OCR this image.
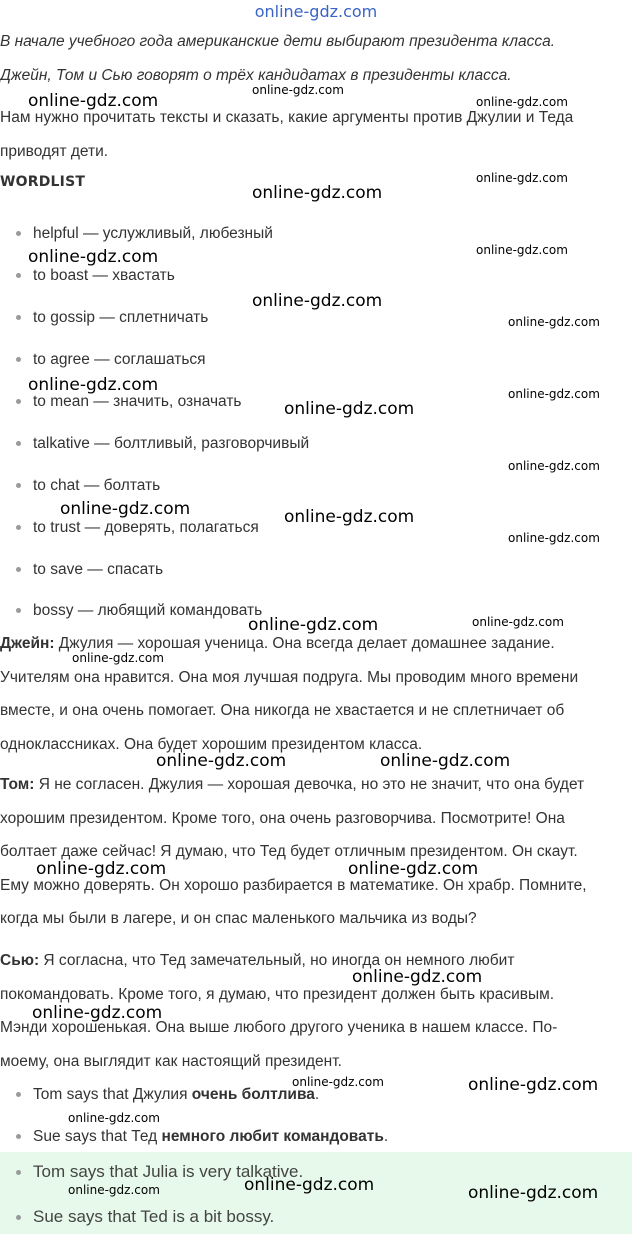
online-gdz.com
В начале учебного года американские дети выбирают президента класса.
Джейн, Том и Сью говорят о трёх кандидатах в президенты класса.
Нам нужно прочитать тексты и сказать, какие аргументы против Джулии и Теда
приводят дети.
WORDLIST
helpful — услужливый, любезный
to boast — хвастать
to gossip — сплетничать
to agree — соглашаться
to mean — значить, означать
talkative — болтливый, разговорчивый
to chat — болтать
to trust — доверять, полагаться
to save — спасать
bossy — любящий командовать
Джейн: Джулия — хорошая ученица. Она всегда делает домашнее задание.
Учителям она нравится. Она моя лучшая подруга. Мы проводим много времени
вместе, и она очень помогает. Она никогда не хвастается и не сплетничает об
одноклассниках. Она будет хорошим президентом класса.
Том: Я не согласен. Джулия — хорошая девочка, но это не значит, что она будет
хорошим президентом. Кроме того, она очень разговорчива. Посмотрите! Она
болтает даже сейчас! Я думаю, что Тед будет отличным президентом. Он скаут.
Ему можно доверять. Он хорошо разбирается в математике. Он храбр. Помните,
когда мы были в лагере, и он спас маленького мальчика из воды?
Сью: Я согласна, что Тед замечательный, но иногда он немного любит
покомандовать. Кроме того, я думаю, что президент должен быть красивым.
Мэнди хорошенькая. Она выше любого другого ученика в нашем классе. По-
моему, она выглядит как настоящий президент.
Tom says that Джулия очень болтлива.
Sue says that Тед немного любит командовать.
Tom says that Julia is very talkative.
Sue says that Ted is a bit bossy.
online-gdz.com
online-gdz.com
online-gdz.com
online-gdz.com
online-gdz.com
online-gdz.com	online-gdz.com
online-gdz.com
online-gdz.com
online-gdz.com	online-gdz.com
online-gdz.com
online-gdz.com
online-gdz.com	online-gdz.com
online-gdz.com
online-gdz.com	online-gdz.com
online-gdz.com
online-gdz.com	online-gdz.com
online-gdz.com	online-gdz.com
online-gdz.com
online-gdz.com
online-gdz.com	online-gdz.com
online-gdz.com
online-gdz.com	online-gdz.com	online-gdz.com
